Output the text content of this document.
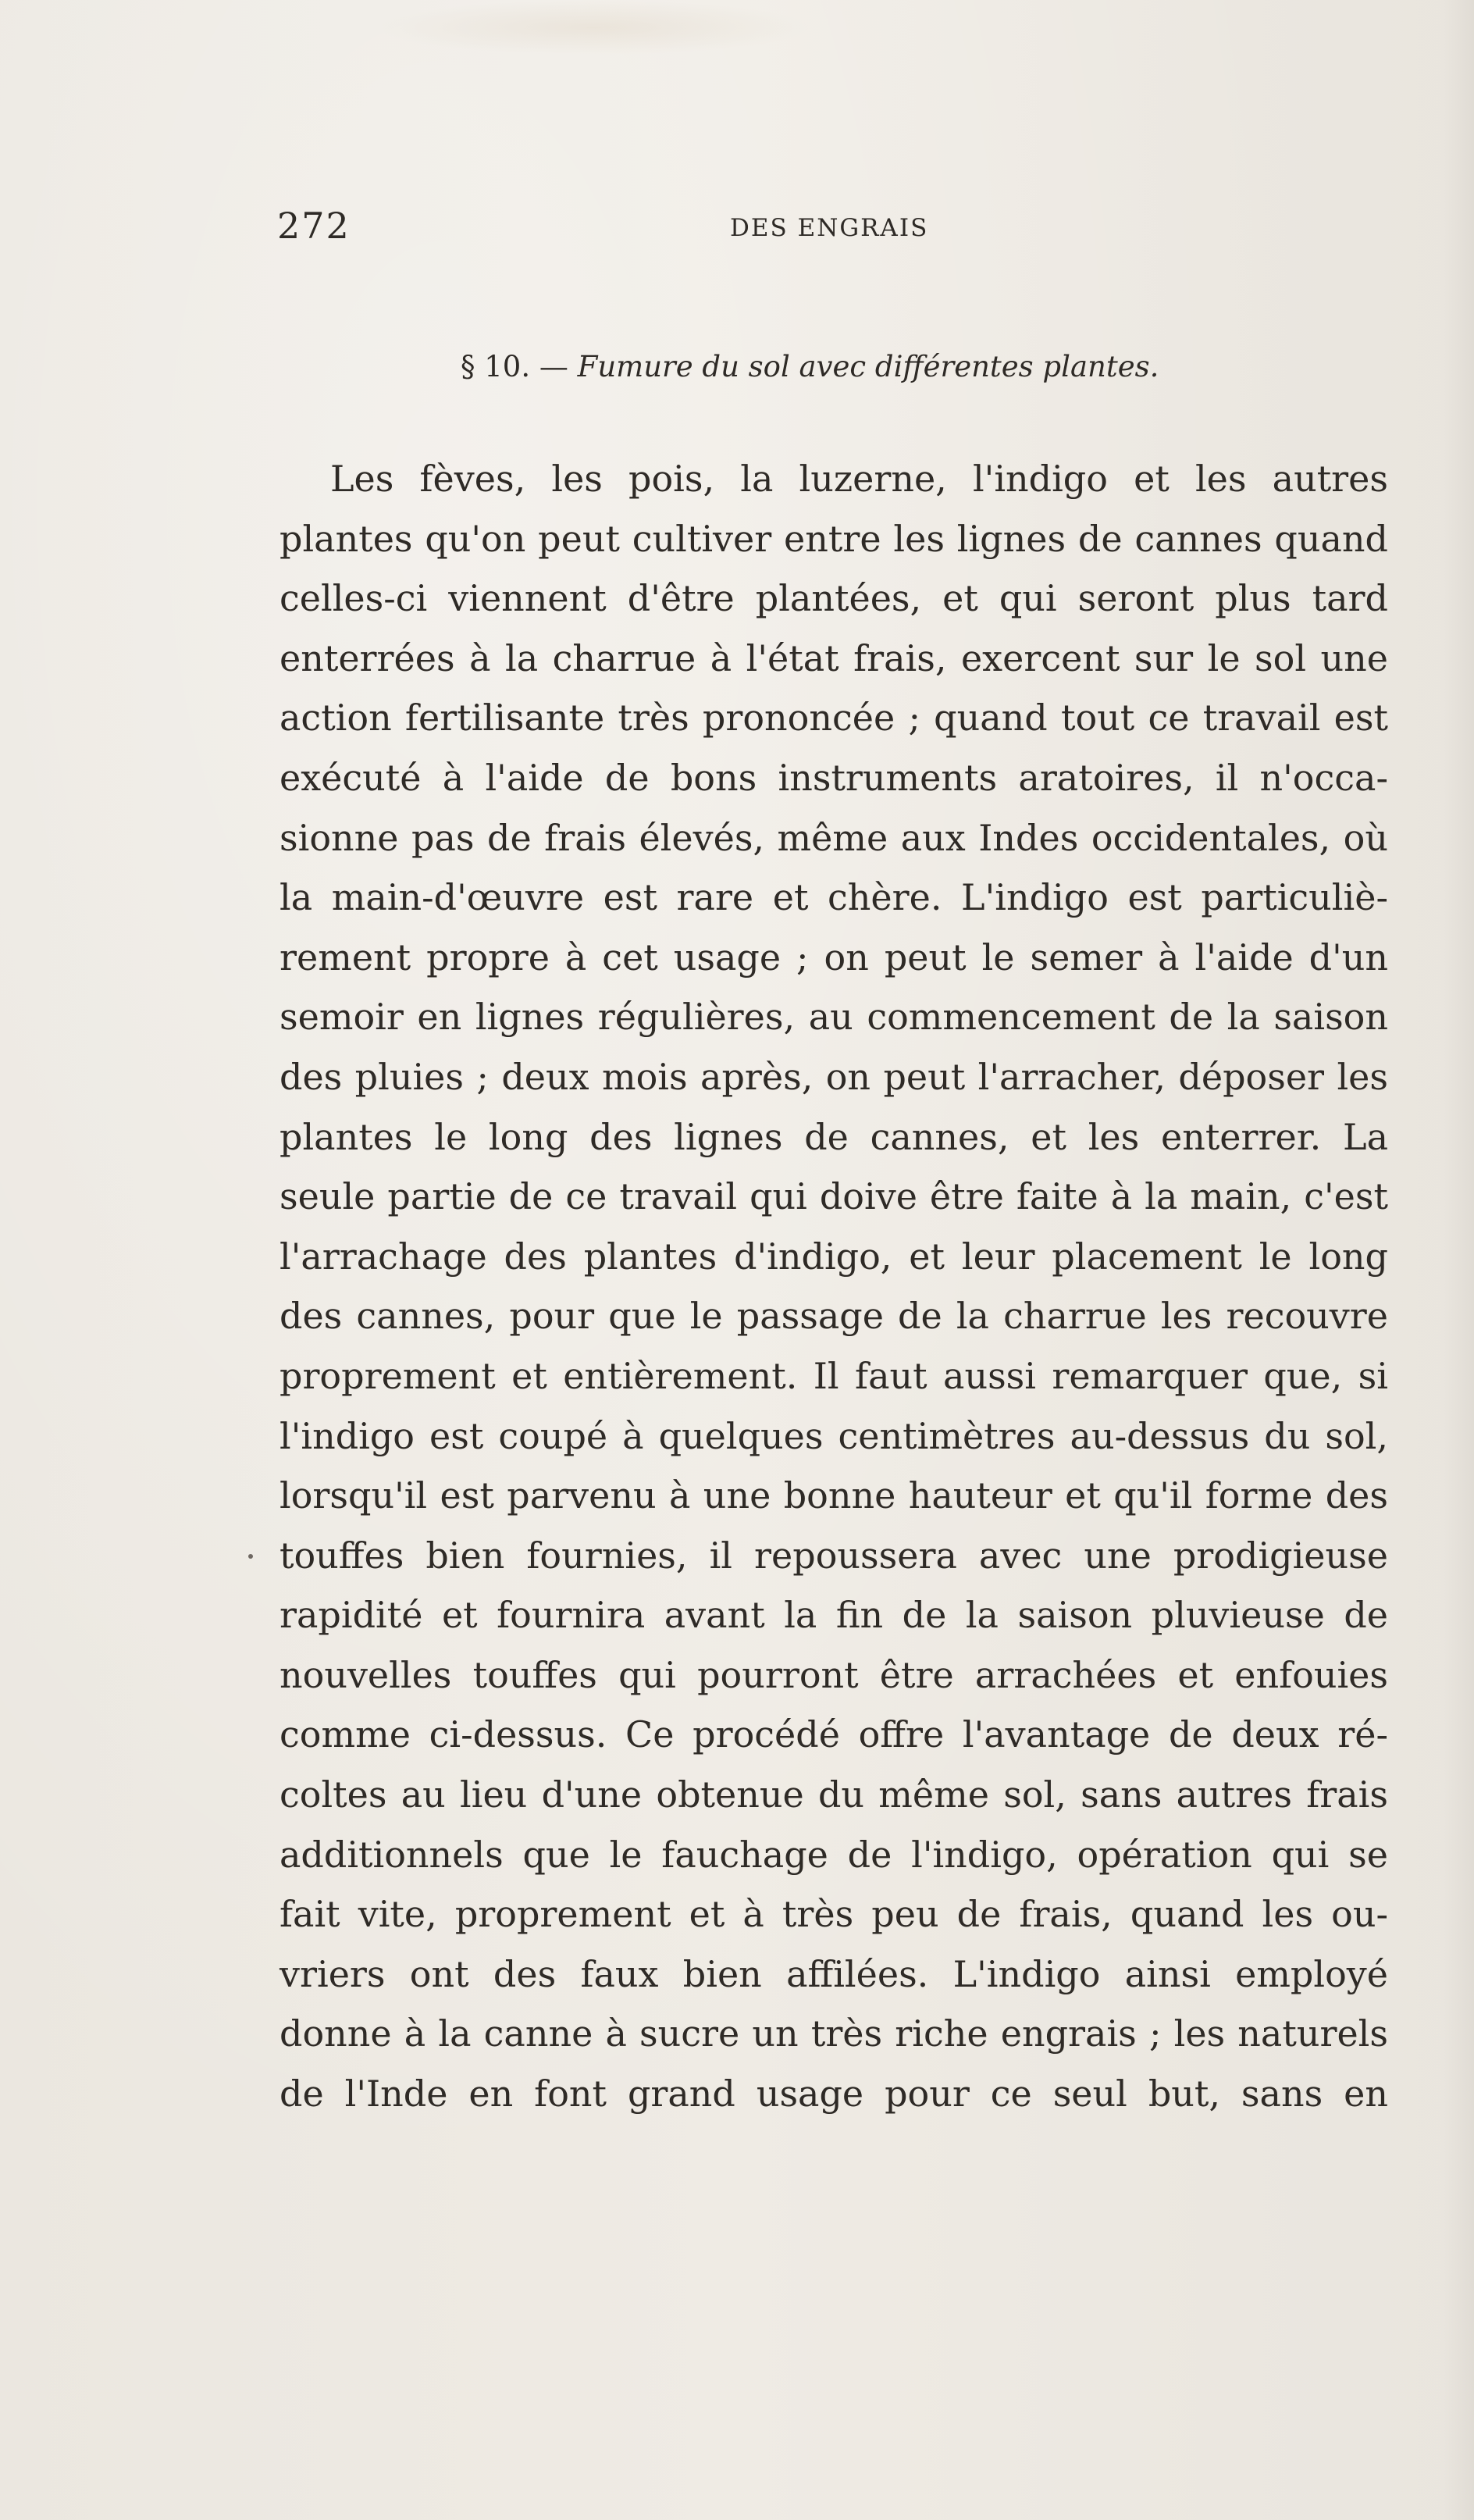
272	DES ENGRAIS
§ 10. — Fumure du sol avec différentes plantes.
Les fèves, les pois, la luzerne, l'indigo et les autres
plantes qu'on peut cultiver entre les lignes de cannes quand
celles-ci viennent d'être plantées, et qui seront plus tard
enterrées à la charrue à l'état frais, exercent sur le sol une
action fertilisante très prononcée ; quand tout ce travail est
exécuté à l'aide de bons instruments aratoires, il n'occa-
sionne pas de frais élevés, même aux Indes occidentales, où
la main-d'œuvre est rare et chère. L'indigo est particuliè-
rement propre à cet usage ; on peut le semer à l'aide d'un
semoir en lignes régulières, au commencement de la saison
des pluies ; deux mois après, on peut l'arracher, déposer les
plantes le long des lignes de cannes, et les enterrer. La
seule partie de ce travail qui doive être faite à la main, c'est
l'arrachage des plantes d'indigo, et leur placement le long
des cannes, pour que le passage de la charrue les recouvre
proprement et entièrement. Il faut aussi remarquer que, si
l'indigo est coupé à quelques centimètres au-dessus du sol,
lorsqu'il est parvenu à une bonne hauteur et qu'il forme des
touffes bien fournies, il repoussera avec une prodigieuse
rapidité et fournira avant la fin de la saison pluvieuse de
nouvelles touffes qui pourront être arrachées et enfouies
comme ci-dessus. Ce procédé offre l'avantage de deux ré-
coltes au lieu d'une obtenue du même sol, sans autres frais
additionnels que le fauchage de l'indigo, opération qui se
fait vite, proprement et à très peu de frais, quand les ou-
vriers ont des faux bien affilées. L'indigo ainsi employé
donne à la canne à sucre un très riche engrais ; les naturels
de l'Inde en font grand usage pour ce seul but, sans en
